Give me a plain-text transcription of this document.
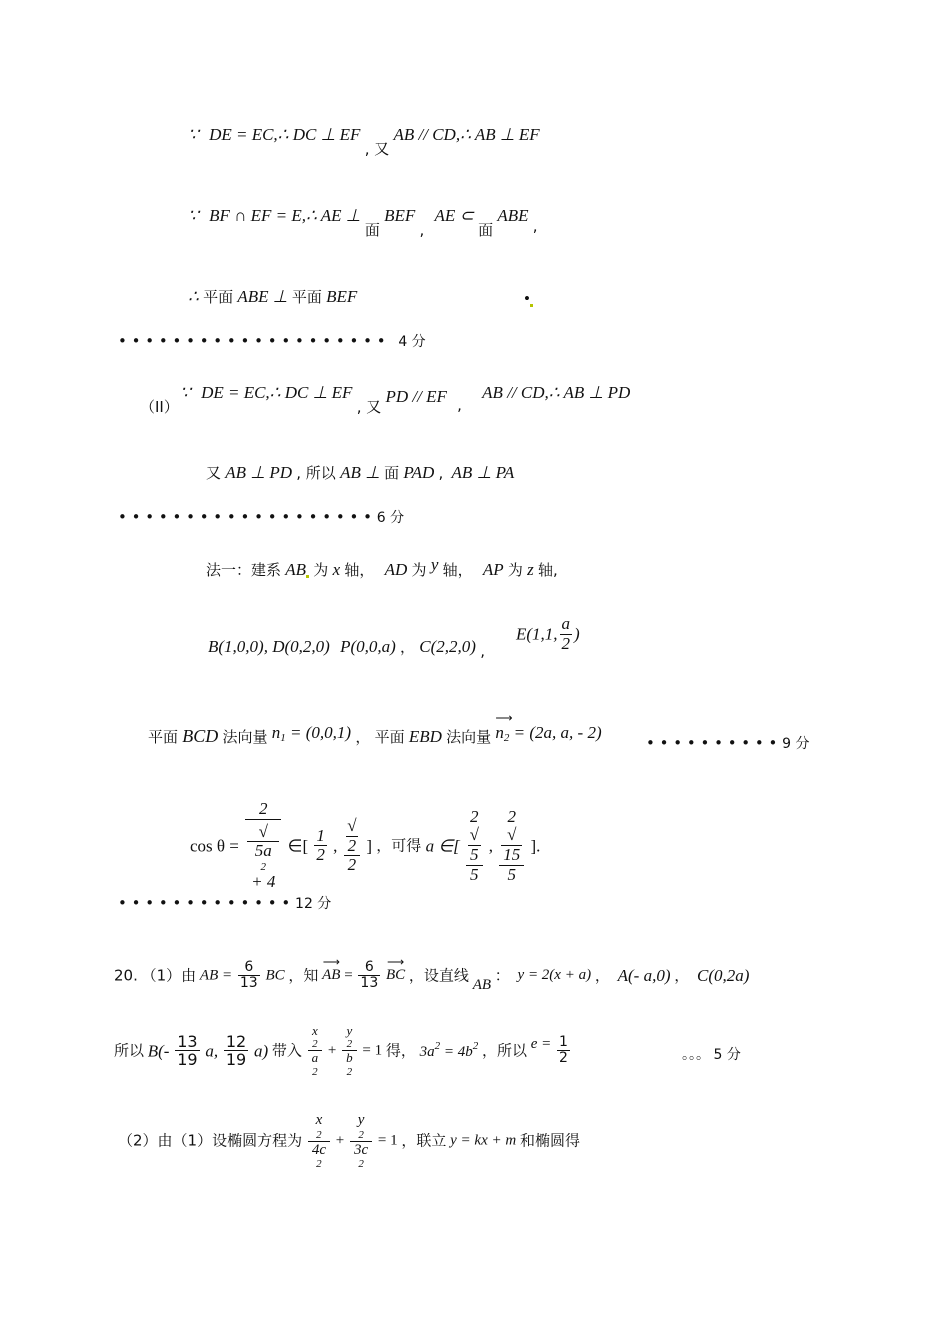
∵ DE = EC,∴ DC ⊥ EF , 又 AB // CD,∴ AB ⊥ EF
∵ BF ∩ EF = E,∴ AE ⊥ 面 BEF , AE ⊂ 面 ABE ,
∴ 平面 ABE ⊥ 平面 BEF	•
• • • • • • • • • • • • • • • • • • • • 4 分
（II）
∵ DE = EC,∴ DC ⊥ EF , 又 PD // EF , AB // CD,∴ AB ⊥ PD
又 AB ⊥ PD , 所以 AB ⊥ 面 PAD , AB ⊥ PA
• • • • • • • • • • • • • • • • • • • 6 分
法一：建系 AB 为 x 轴， AD 为 y 轴， AP 为 z 轴,
B(1,0,0), D(0,2,0) P(0,0,a) ， C(2,2,0) ,
E(1,1, $\frac{a}{2}$ )
平面 BCD 法向量 $n_1 = (0,0,1)$ ， 平面 EBD 法向量 ⟶ $n_2 = (2a$, a, - 2)
• • • • • • • • • • 9 分
cos θ = 2
√
5a
2
+ 4 ∈[ $\frac{1}{2}$ , √
2
2 ] ，可得 a ∈[ 2
√
5
5 , 2
√
15
5 ].
• • • • • • • • • • • • • 12 分
20. （1）由 AB = $\frac{6}{13}$ BC ，知 ⟶ AB = $\frac{6}{13}$ ⟶ BC ，设直线 AB ： y = 2(x + a) ， A(- a,0) ， C(0,2a)
所以 $B(- \frac{13}{19} a$, $\frac{12}{19} a$) 带入 x
2
a
2 + y
2
b
2 = 1 得， $3a^2 = 4b^2$ ，所以 $e = \frac{1}{2}$	。。。 5 分
（2）由（1）设椭圆方程为 x
2
4c
2 + y
2
3c
2 = 1 ，联立 y = kx + m 和椭圆得
